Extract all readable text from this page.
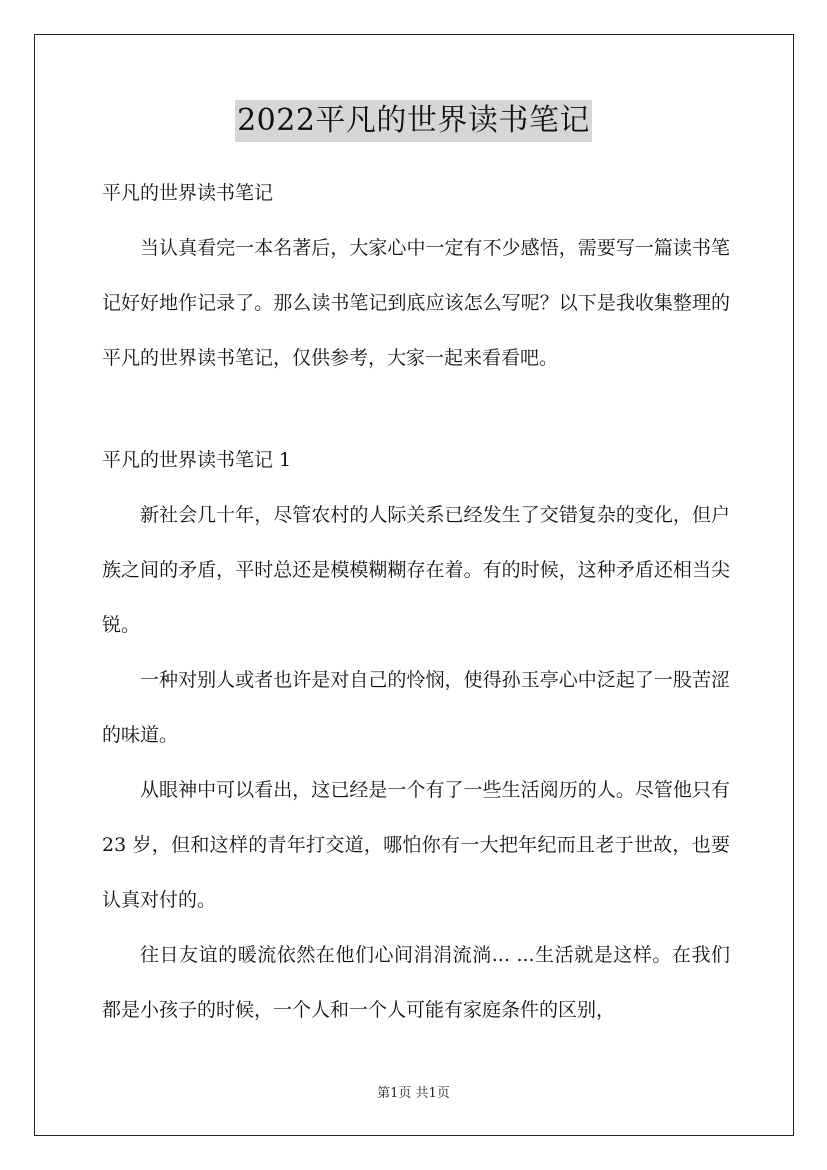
2022平凡的世界读书笔记
平凡的世界读书笔记

当认真看完一本名著后，大家心中一定有不少感悟，需要写一篇读书笔记好好地作记录了。那么读书笔记到底应该怎么写呢？以下是我收集整理的平凡的世界读书笔记，仅供参考，大家一起来看看吧。

平凡的世界读书笔记 1

新社会几十年，尽管农村的人际关系已经发生了交错复杂的变化，但户族之间的矛盾，平时总还是模模糊糊存在着。有的时候，这种矛盾还相当尖锐。

一种对别人或者也许是对自己的怜悯，使得孙玉亭心中泛起了一股苦涩的味道。

从眼神中可以看出，这已经是一个有了一些生活阅历的人。尽管他只有 23 岁，但和这样的青年打交道，哪怕你有一大把年纪而且老于世故，也要认真对付的。

往日友谊的暖流依然在他们心间涓涓流淌... ...生活就是这样。在我们都是小孩子的时候，一个人和一个人可能有家庭条件的区别，

第1页 共1页
